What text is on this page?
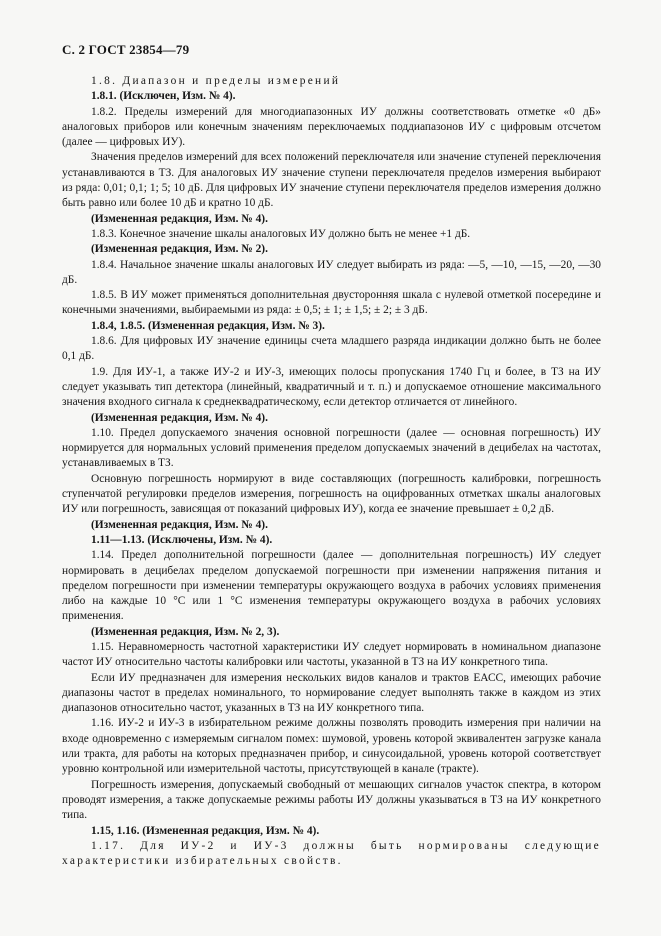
С. 2 ГОСТ 23854—79

1.8. Диапазон и пределы измерений

1.8.1. (Исключен, Изм. № 4).

1.8.2. Пределы измерений для многодиапазонных ИУ должны соответствовать отметке «0 дБ» аналоговых приборов или конечным значениям переключаемых поддиапазонов ИУ с цифровым отсчетом (далее — цифровых ИУ).

Значения пределов измерений для всех положений переключателя или значение ступеней переключения устанавливаются в ТЗ. Для аналоговых ИУ значение ступени переключателя пределов измерения выбирают из ряда: 0,01; 0,1; 1; 5; 10 дБ. Для цифровых ИУ значение ступени переключателя пределов измерения должно быть равно или более 10 дБ и кратно 10 дБ.

(Измененная редакция, Изм. № 4).

1.8.3. Конечное значение шкалы аналоговых ИУ должно быть не менее +1 дБ.

(Измененная редакция, Изм. № 2).

1.8.4. Начальное значение шкалы аналоговых ИУ следует выбирать из ряда: —5, —10, —15, —20, —30 дБ.

1.8.5. В ИУ может применяться дополнительная двусторонняя шкала с нулевой отметкой посередине и конечными значениями, выбираемыми из ряда: ± 0,5; ± 1; ± 1,5; ± 2; ± 3 дБ.

1.8.4, 1.8.5. (Измененная редакция, Изм. № 3).

1.8.6. Для цифровых ИУ значение единицы счета младшего разряда индикации должно быть не более 0,1 дБ.

1.9. Для ИУ-1, а также ИУ-2 и ИУ-3, имеющих полосы пропускания 1740 Гц и более, в ТЗ на ИУ следует указывать тип детектора (линейный, квадратичный и т. п.) и допускаемое отношение максимального значения входного сигнала к среднеквадратическому, если детектор отличается от линейного.

(Измененная редакция, Изм. № 4).

1.10. Предел допускаемого значения основной погрешности (далее — основная погрешность) ИУ нормируется для нормальных условий применения пределом допускаемых значений в децибелах на частотах, устанавливаемых в ТЗ.

Основную погрешность нормируют в виде составляющих (погрешность калибровки, погрешность ступенчатой регулировки пределов измерения, погрешность на оцифрованных отметках шкалы аналоговых ИУ или погрешность, зависящая от показаний цифровых ИУ), когда ее значение превышает ± 0,2 дБ.

(Измененная редакция, Изм. № 4).

1.11—1.13. (Исключены, Изм. № 4).

1.14. Предел дополнительной погрешности (далее — дополнительная погрешность) ИУ следует нормировать в децибелах пределом допускаемой погрешности при изменении напряжения питания и пределом погрешности при изменении температуры окружающего воздуха в рабочих условиях применения либо на каждые 10 °С или 1 °С изменения температуры окружающего воздуха в рабочих условиях применения.

(Измененная редакция, Изм. № 2, 3).

1.15. Неравномерность частотной характеристики ИУ следует нормировать в номинальном диапазоне частот ИУ относительно частоты калибровки или частоты, указанной в ТЗ на ИУ конкретного типа.

Если ИУ предназначен для измерения нескольких видов каналов и трактов ЕАСС, имеющих рабочие диапазоны частот в пределах номинального, то нормирование следует выполнять также в каждом из этих диапазонов относительно частот, указанных в ТЗ на ИУ конкретного типа.

1.16. ИУ-2 и ИУ-3 в избирательном режиме должны позволять проводить измерения при наличии на входе одновременно с измеряемым сигналом помех: шумовой, уровень которой эквивалентен загрузке канала или тракта, для работы на которых предназначен прибор, и синусоидальной, уровень которой соответствует уровню контрольной или измерительной частоты, присутствующей в канале (тракте).

Погрешность измерения, допускаемый свободный от мешающих сигналов участок спектра, в котором проводят измерения, а также допускаемые режимы работы ИУ должны указываться в ТЗ на ИУ конкретного типа.

1.15, 1.16. (Измененная редакция, Изм. № 4).

1.17. Для ИУ-2 и ИУ-3 должны быть нормированы следующие характеристики избирательных свойств.
